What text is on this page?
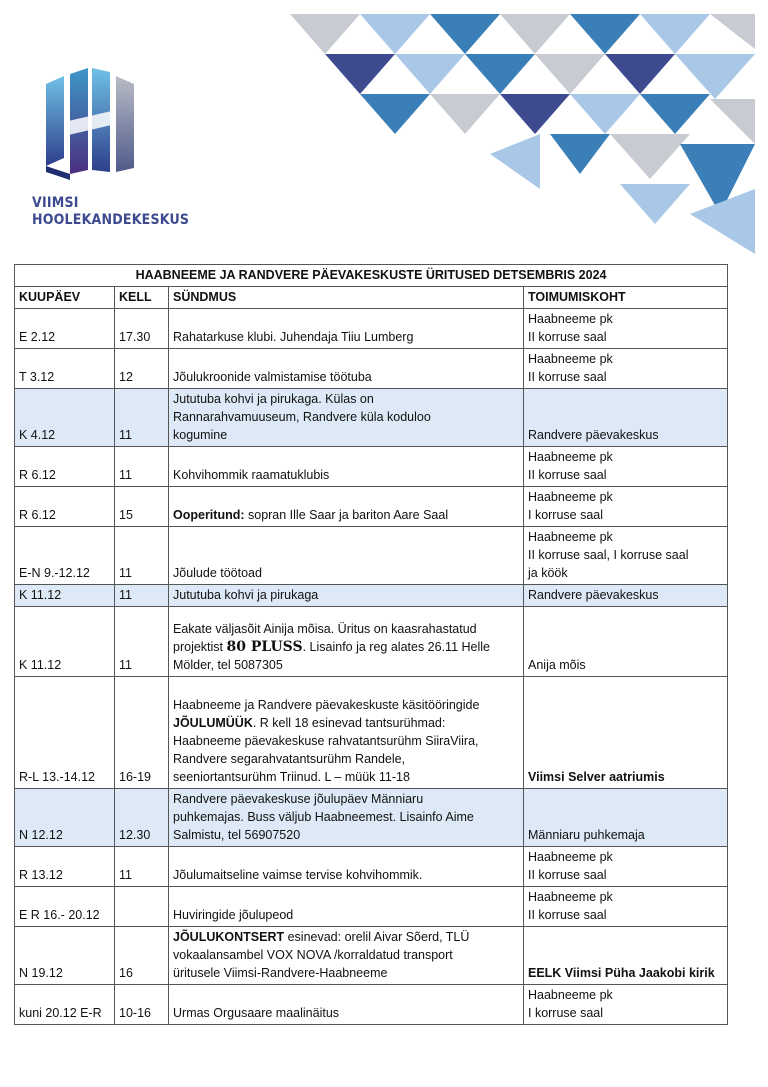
VIIMSI
HOOLEKANDEKESKUS
HAABNEEME JA RANDVERE PÄEVAKESKUSTE ÜRITUSED DETSEMBRIS 2024			
KUUPÄEV	KELL	SÜNDMUS	TOIMUMISKOHT
E 2.12	17.30	Rahatarkuse klubi. Juhendaja Tiiu Lumberg	Haabneeme pk
II korruse saal

T 3.12	12	Jõulukroonide valmistamise töötuba	Haabneeme pk
II korruse saal

K 4.12	11	Jututuba kohvi ja pirukaga. Külas on
Rannarahvamuuseum, Randvere küla koduloo
kogumine	Randvere päevakeskus

R 6.12	11	Kohvihommik raamatuklubis	Haabneeme pk
II korruse saal

R 6.12	15	Ooperitund: sopran Ille Saar ja bariton Aare Saal	Haabneeme pk
I korruse saal

E-N 9.-12.12	11	Jõulude töötoad	Haabneeme pk
II korruse saal, I korruse saal
ja köök

K 11.12	11	Jututuba kohvi ja pirukaga	Randvere päevakeskus

K 11.12	11	Eakate väljasõit Ainija mõisa. Üritus on kaasrahastatud
projektist 80 PLUSS. Lisainfo ja reg alates 26.11 Helle
Mölder, tel 5087305	Anija mõis

R-L 13.-14.12	16-19	Haabneeme ja Randvere päevakeskuste käsitööringide
JÕULUMÜÜK. R kell 18 esinevad tantsurühmad:
Haabneeme päevakeskuse rahvatantsurühm SiiraViira,
Randvere segarahvatantsurühm Randele,
seeniortantsurühm Triinud. L – müük 11-18	Viimsi Selver aatriumis

N 12.12	12.30	Randvere päevakeskuse jõulupäev Männiaru
puhkemajas. Buss väljub Haabneemest. Lisainfo Aime
Salmistu, tel 56907520	Männiaru puhkemaja

R 13.12	11	Jõulumaitseline vaimse tervise kohvihommik.	Haabneeme pk
II korruse saal

E R 16.- 20.12		Huviringide jõulupeod	Haabneeme pk
II korruse saal

N 19.12	16	JÕULUKONTSERT esinevad: orelil Aivar Sõerd, TLÜ
vokaalansambel VOX NOVA /korraldatud transport
üritusele Viimsi-Randvere-Haabneeme	EELK Viimsi Püha Jaakobi kirik

kuni 20.12 E-R	10-16	Urmas Orgusaare maalinäitus	Haabneeme pk
I korruse saal
